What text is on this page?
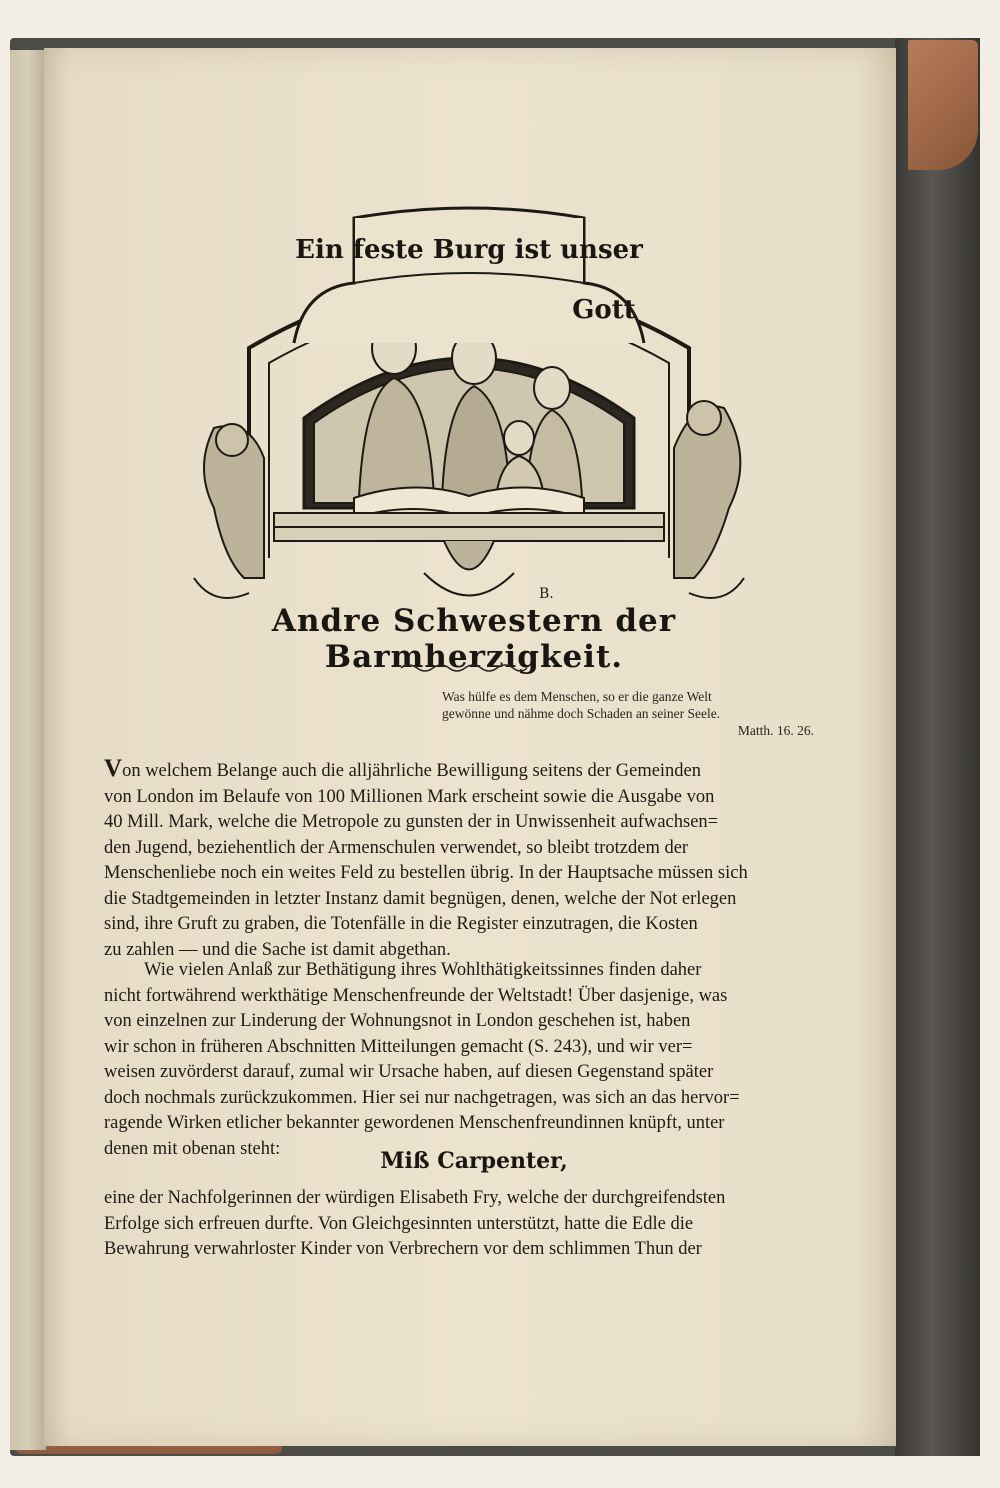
Ein feste Burg ist unser
Gott
B.
Andre Schwestern der Barmherzigkeit.
Was hülfe es dem Menschen, so er die ganze Welt
gewönne und nähme doch Schaden an seiner Seele.
Matth. 16. 26.
Von welchem Belange auch die alljährliche Bewilligung seitens der Gemeinden
von London im Belaufe von 100 Millionen Mark erscheint sowie die Ausgabe von
40 Mill. Mark, welche die Metropole zu gunsten der in Unwissenheit aufwachsen=
den Jugend, beziehentlich der Armenschulen verwendet, so bleibt trotzdem der
Menschenliebe noch ein weites Feld zu bestellen übrig. In der Hauptsache müssen sich
die Stadtgemeinden in letzter Instanz damit begnügen, denen, welche der Not erlegen
sind, ihre Gruft zu graben, die Totenfälle in die Register einzutragen, die Kosten
zu zahlen — und die Sache ist damit abgethan.
Wie vielen Anlaß zur Bethätigung ihres Wohlthätigkeitssinnes finden daher
nicht fortwährend werkthätige Menschenfreunde der Weltstadt! Über dasjenige, was
von einzelnen zur Linderung der Wohnungsnot in London geschehen ist, haben
wir schon in früheren Abschnitten Mitteilungen gemacht (S. 243), und wir ver=
weisen zuvörderst darauf, zumal wir Ursache haben, auf diesen Gegenstand später
doch nochmals zurückzukommen. Hier sei nur nachgetragen, was sich an das hervor=
ragende Wirken etlicher bekannter gewordenen Menschenfreundinnen knüpft, unter
denen mit obenan steht:	Miß Carpenter,
eine der Nachfolgerinnen der würdigen Elisabeth Fry, welche der durchgreifendsten
Erfolge sich erfreuen durfte. Von Gleichgesinnten unterstützt, hatte die Edle die
Bewahrung verwahrloster Kinder von Verbrechern vor dem schlimmen Thun der
